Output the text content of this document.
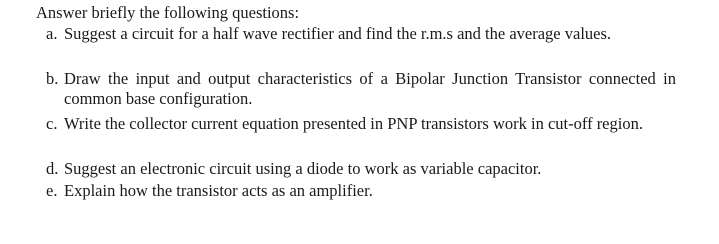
Answer briefly the following questions:

a. Suggest a circuit for a half wave rectifier and find the r.m.s and the average values.
b. Draw the input and output characteristics of a Bipolar Junction Transistor connected in common base configuration.
c. Write the collector current equation presented in PNP transistors work in cut-off region.
d. Suggest an electronic circuit using a diode to work as variable capacitor.
e. Explain how the transistor acts as an amplifier.
